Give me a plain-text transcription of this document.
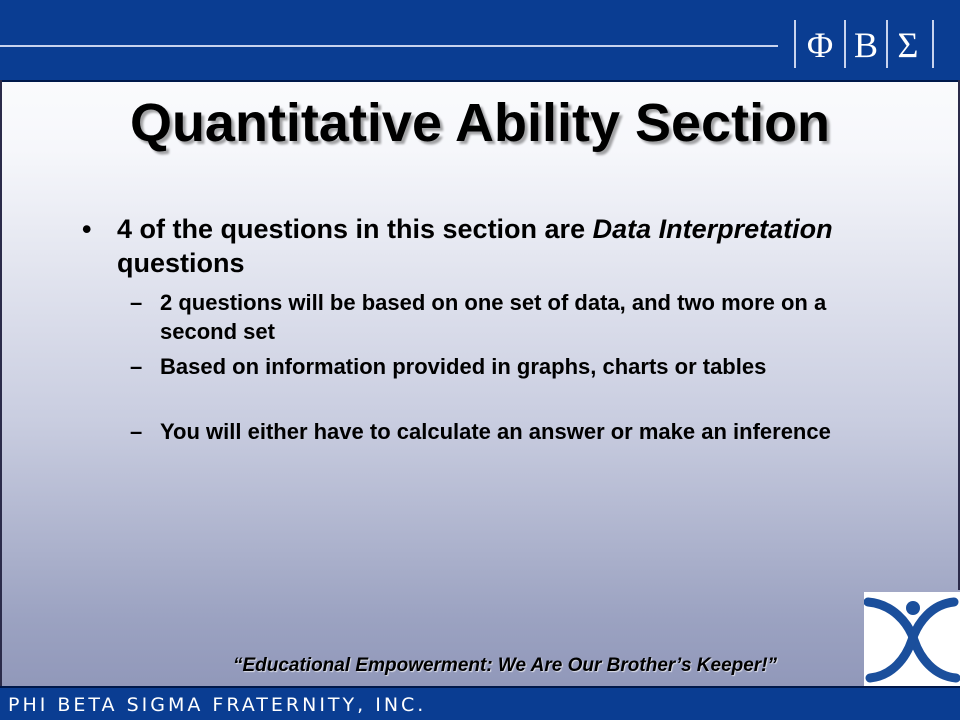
Φ Β Σ
Quantitative Ability Section
• 4 of the questions in this section are Data Interpretation questions
– 2 questions will be based on one set of data, and two more on a second set
– Based on information provided in graphs, charts or tables
– You will either have to calculate an answer or make an inference
“Educational Empowerment: We Are Our Brother’s Keeper!”
PHI BETA SIGMA FRATERNITY, INC.
